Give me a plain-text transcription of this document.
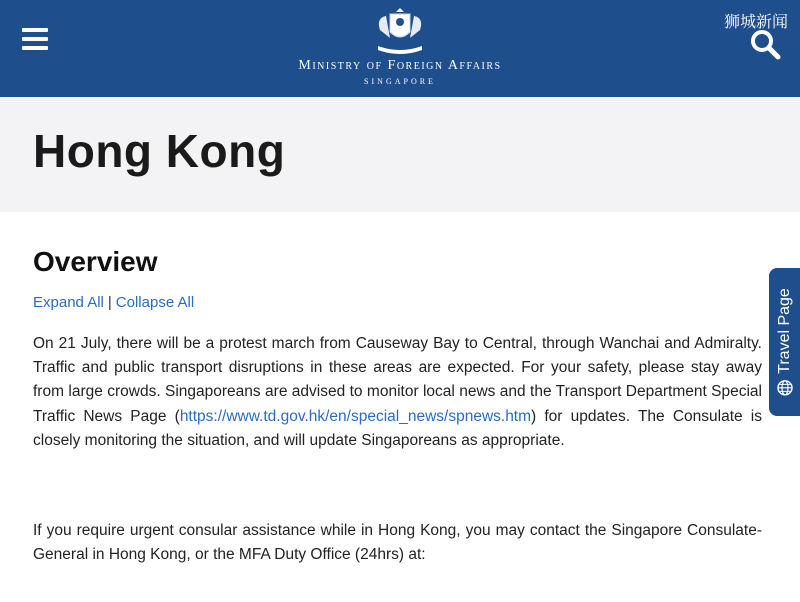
Ministry of Foreign Affairs
SINGAPORE
狮城新闻
Hong Kong
Overview
Expand All | Collapse All

On 21 July, there will be a protest march from Causeway Bay to Central, through Wanchai and Admiralty. Traffic and public transport disruptions in these areas are expected. For your safety, please stay away from large crowds. Singaporeans are advised to monitor local news and the Transport Department Special Traffic News Page (https://www.td.gov.hk/en/special_news/spnews.htm) for updates. The Consulate is closely monitoring the situation, and will update Singaporeans as appropriate.

If you require urgent consular assistance while in Hong Kong, you may contact the Singapore Consulate-General in Hong Kong, or the MFA Duty Office (24hrs) at:

Travel Page
